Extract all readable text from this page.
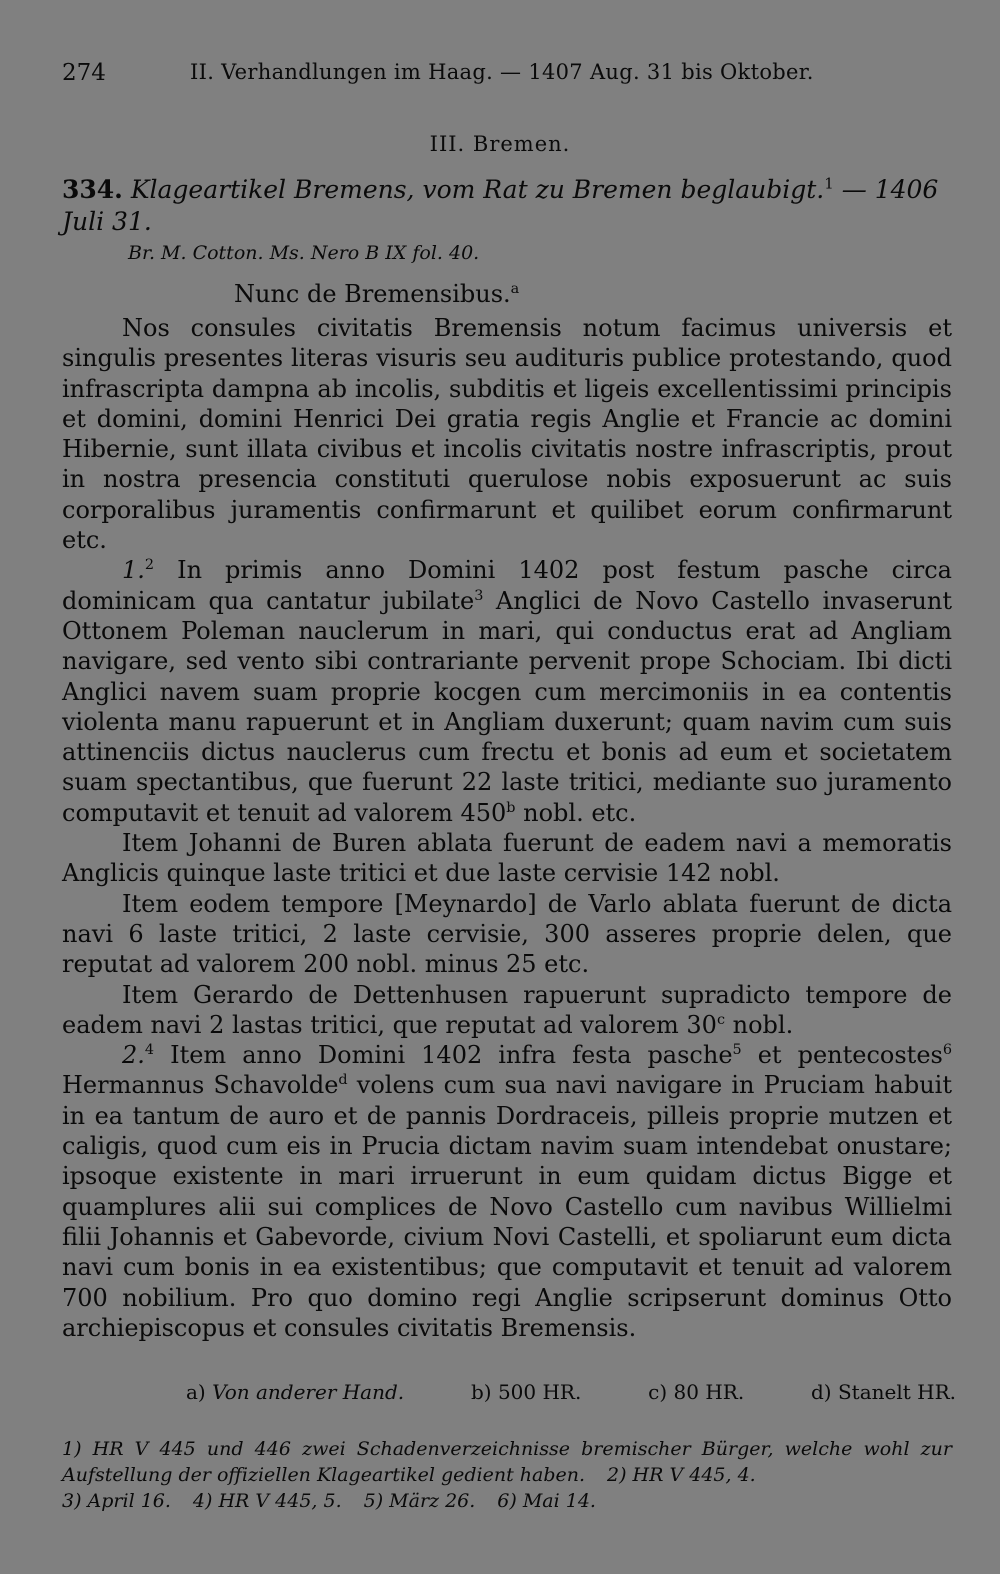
274	II. Verhandlungen im Haag. — 1407 Aug. 31 bis Oktober.
III. Bremen.
334. Klageartikel Bremens, vom Rat zu Bremen beglaubigt.$^1$ — 1406 Juli 31.
Br. M. Cotton. Ms. Nero B IX fol. 40.
Nunc de Bremensibus.$^a$

Nos consules civitatis Bremensis notum facimus universis et singulis presentes literas visuris seu audituris publice protestando, quod infrascripta dampna ab incolis, subditis et ligeis excellentissimi principis et domini, domini Henrici Dei gratia regis Anglie et Francie ac domini Hibernie, sunt illata civibus et incolis civitatis nostre infrascriptis, prout in nostra presencia constituti querulose nobis exposuerunt ac suis corporalibus juramentis confirmarunt et quilibet eorum confirmarunt etc.

1.$^2$ In primis anno Domini 1402 post festum pasche circa dominicam qua cantatur jubilate$^3$ Anglici de Novo Castello invaserunt Ottonem Poleman nauclerum in mari, qui conductus erat ad Angliam navigare, sed vento sibi contrariante pervenit prope Schociam. Ibi dicti Anglici navem suam proprie kocgen cum mercimoniis in ea contentis violenta manu rapuerunt et in Angliam duxerunt; quam navim cum suis attinenciis dictus nauclerus cum frectu et bonis ad eum et societatem suam spectantibus, que fuerunt 22 laste tritici, mediante suo juramento computavit et tenuit ad valorem 450$^b$ nobl. etc.

Item Johanni de Buren ablata fuerunt de eadem navi a memoratis Anglicis quinque laste tritici et due laste cervisie 142 nobl.

Item eodem tempore [Meynardo] de Varlo ablata fuerunt de dicta navi 6 laste tritici, 2 laste cervisie, 300 asseres proprie delen, que reputat ad valorem 200 nobl. minus 25 etc.

Item Gerardo de Dettenhusen rapuerunt supradicto tempore de eadem navi 2 lastas tritici, que reputat ad valorem 30$^c$ nobl.

2.$^4$ Item anno Domini 1402 infra festa pasche$^5$ et pentecostes$^6$ Hermannus Schavolde$^d$ volens cum sua navi navigare in Pruciam habuit in ea tantum de auro et de pannis Dordraceis, pilleis proprie mutzen et caligis, quod cum eis in Prucia dictam navim suam intendebat onustare; ipsoque existente in mari irruerunt in eum quidam dictus Bigge et quamplures alii sui complices de Novo Castello cum navibus Willielmi filii Johannis et Gabevorde, civium Novi Castelli, et spoliarunt eum dicta navi cum bonis in ea existentibus; que computavit et tenuit ad valorem 700 nobilium. Pro quo domino regi Anglie scripserunt dominus Otto archiepiscopus et consules civitatis Bremensis.

a) Von anderer Hand.	b) 500 HR.	c) 80 HR.	d) Stanelt HR.
1) HR V 445 und 446 zwei Schadenverzeichnisse bremischer Bürger, welche wohl zur Aufstellung der offiziellen Klageartikel gedient haben. 2) HR V 445, 4.
3) April 16. 4) HR V 445, 5. 5) März 26. 6) Mai 14.
